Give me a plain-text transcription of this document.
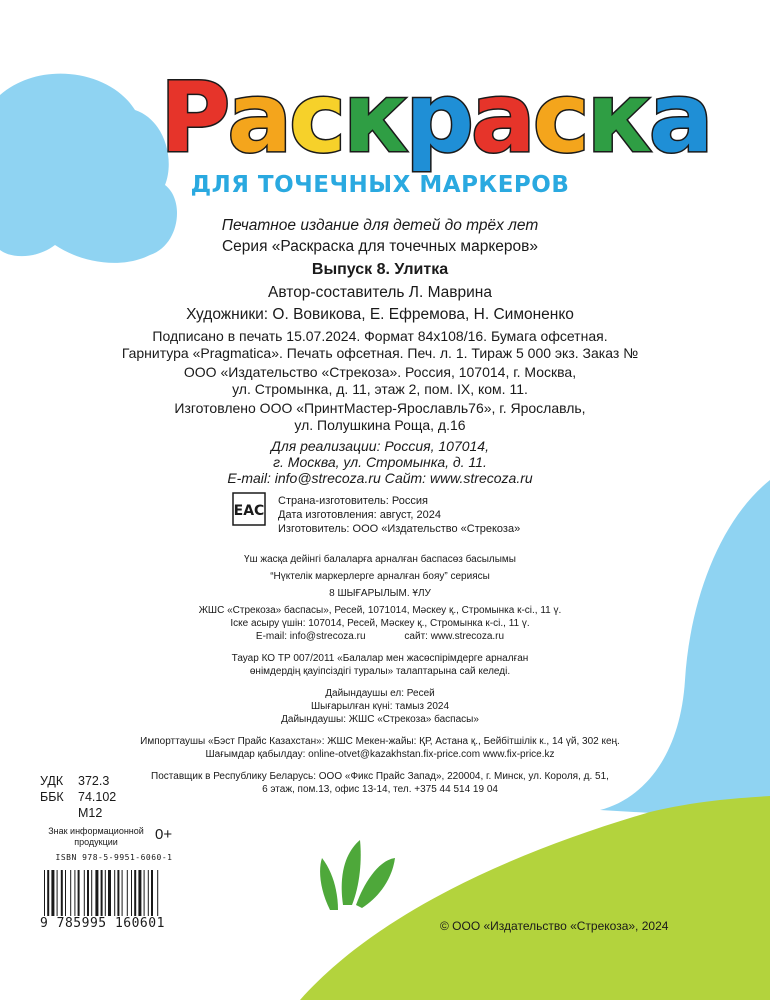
Раскраска
ДЛЯ ТОЧЕЧНЫХ МАРКЕРОВ
Печатное издание для детей до трёх лет
Серия «Раскраска для точечных маркеров»
Выпуск 8. Улитка
Автор-составитель Л. Маврина
Художники: О. Вовикова, Е. Ефремова, Н. Симоненко
Подписано в печать 15.07.2024. Формат 84х108/16. Бумага офсетная.
Гарнитура «Pragmatica». Печать офсетная. Печ. л. 1. Тираж 5 000 экз. Заказ №
ООО «Издательство «Стрекоза». Россия, 107014, г. Москва,
ул. Стромынка, д. 11, этаж 2, пом. IX, ком. 11.
Изготовлено ООО «ПринтМастер-Ярославль76», г. Ярославль,
ул. Полушкина Роща, д.16
Для реализации: Россия, 107014,
г. Москва, ул. Стромынка, д. 11.
E-mail: info@strecoza.ru Сайт: www.strecoza.ru
ЕАС
Страна-изготовитель: Россия
Дата изготовления: август, 2024
Изготовитель: ООО «Издательство «Стрекоза»
Үш жасқа дейінгі балаларға арналған баспасөз басылымы
“Нүктелік маркерлерге арналған бояу” сериясы
8 ШЫҒАРЫЛЫМ. ҰЛУ
ЖШС «Стрекоза» баспасы», Ресей, 1071014, Мәскеу қ., Стромынка к-сі., 11 ү.
Іске асыру үшін: 107014, Ресей, Мәскеу қ., Стромынка к-сі., 11 ү.
E-mail: info@strecoza.ru              сайт: www.strecoza.ru
Тауар КО ТР 007/2011 «Балалар мен жасөспірімдерге арналған
өнімдердің қауіпсіздігі туралы» талаптарына сай келеді.
Дайындаушы ел: Ресей
Шығарылған күні: тамыз 2024
Дайындаушы: ЖШС «Стрекоза» баспасы»
Импорттаушы «Бэст Прайс Казахстан»: ЖШС Мекен-жайы: ҚР, Астана қ., Бейбітшілік к., 14 үй, 302 кең.
Шағымдар қабылдау: online-otvet@kazakhstan.fix-price.com www.fix-price.kz
Поставщик в Республику Беларусь: ООО «Фикс Прайс Запад», 220004, г. Минск, ул. Короля, д. 51,
6 этаж, пом.13, офис 13-14, тел. +375 44 514 19 04
УДК 372.3
ББК 74.102
М12
Знак информационной
продукции	0+
ISBN 978-5-9951-6060-1
9 785995 160601	© ООО «Издательство «Стрекоза», 2024
